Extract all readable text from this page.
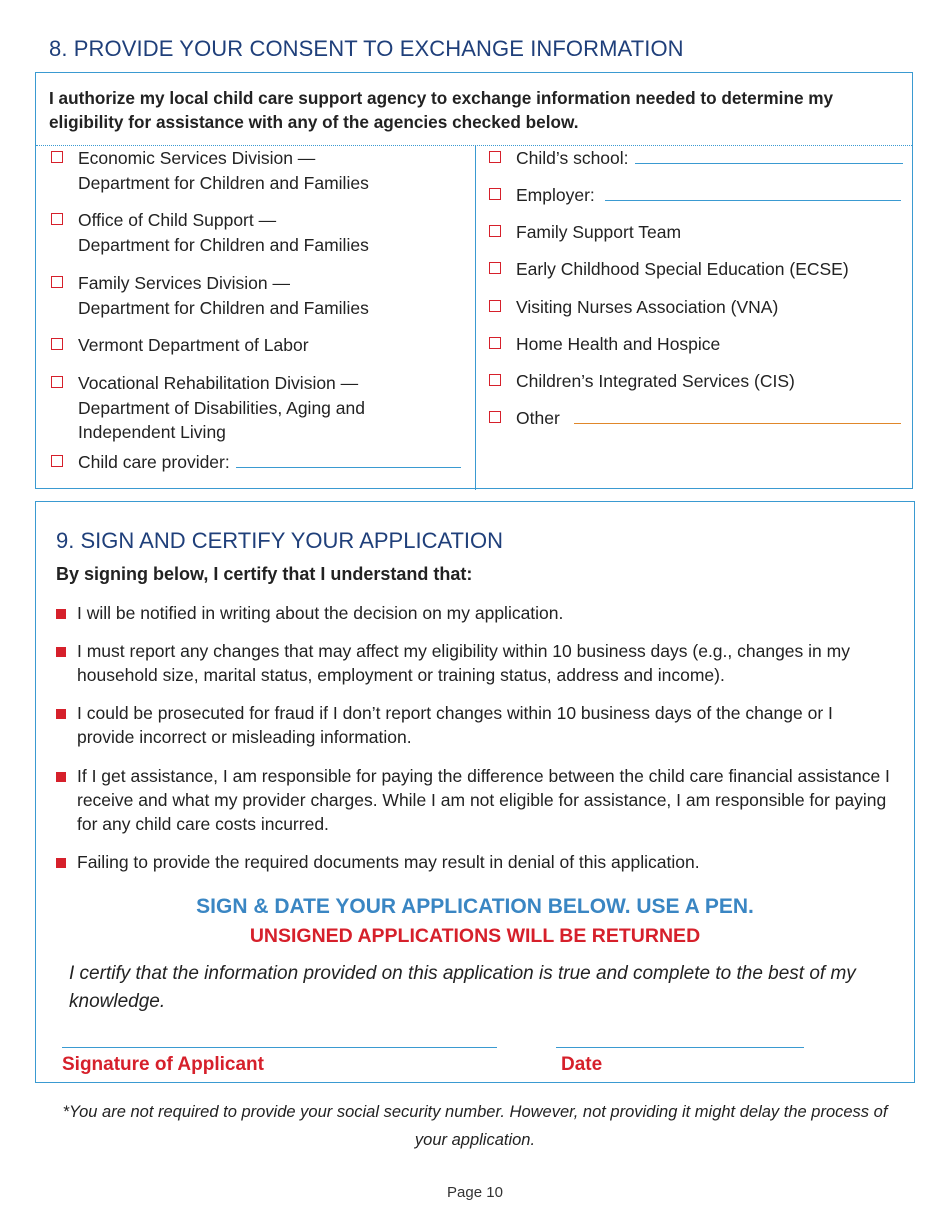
8. PROVIDE YOUR CONSENT TO EXCHANGE INFORMATION

I authorize my local child care support agency to exchange information needed to determine my eligibility for assistance with any of the agencies checked below.

Economic Services Division —
Department for Children and Families
Office of Child Support —
Department for Children and Families
Family Services Division —
Department for Children and Families
Vermont Department of Labor
Vocational Rehabilitation Division —
Department of Disabilities, Aging and
Independent Living
Child care provider:
Child’s school:
Employer:
Family Support Team
Early Childhood Special Education (ECSE)
Visiting Nurses Association (VNA)
Home Health and Hospice
Children’s Integrated Services (CIS)
Other
9. SIGN AND CERTIFY YOUR APPLICATION

By signing below, I certify that I understand that:

I will be notified in writing about the decision on my application.
I must report any changes that may affect my eligibility within 10 business days (e.g., changes in my household size, marital status, employment or training status, address and income).
I could be prosecuted for fraud if I don’t report changes within 10 business days of the change or I provide incorrect or misleading information.
If I get assistance, I am responsible for paying the difference between the child care financial assistance I receive and what my provider charges. While I am not eligible for assistance, I am responsible for paying for any child care costs incurred.
Failing to provide the required documents may result in denial of this application.

SIGN & DATE YOUR APPLICATION BELOW. USE A PEN.

UNSIGNED APPLICATIONS WILL BE RETURNED

I certify that the information provided on this application is true and complete to the best of my knowledge.

Signature of Applicant	Date

*You are not required to provide your social security number. However, not providing it might delay the process of your application.

Page 10
